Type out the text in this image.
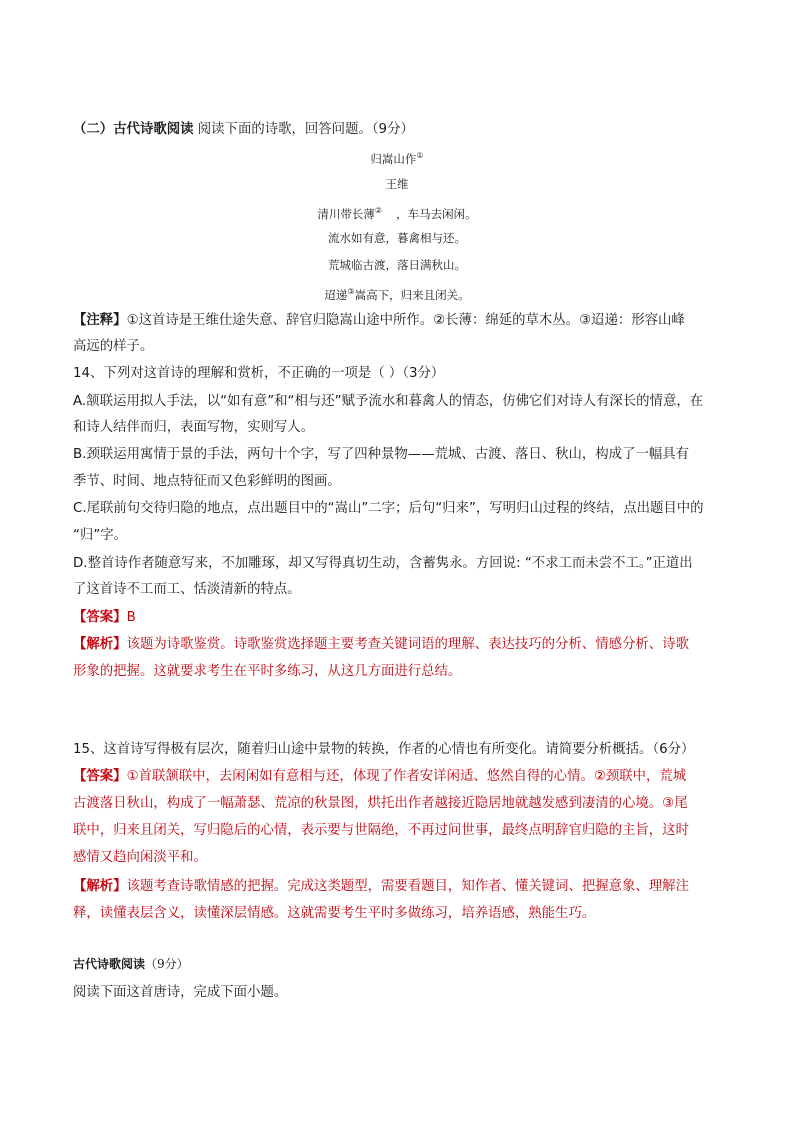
（二）古代诗歌阅读 阅读下面的诗歌，回答问题。（9分）
归嵩山作①
王维
清川带长薄② ，车马去闲闲。
流水如有意，暮禽相与还。
荒城临古渡，落日满秋山。
迢递③嵩高下，归来且闭关。
【注释】①这首诗是王维仕途失意、辞官归隐嵩山途中所作。②长薄：绵延的草木丛。③迢递：形容山峰
高远的样子。
14、下列对这首诗的理解和赏析，不正确的一项是（ ）（3分）
A.颔联运用拟人手法，以“如有意”和“相与还”赋予流水和暮禽人的情态，仿佛它们对诗人有深长的情意，在
和诗人结伴而归，表面写物，实则写人。
B.颈联运用寓情于景的手法，两句十个字，写了四种景物——荒城、古渡、落日、秋山，构成了一幅具有
季节、时间、地点特征而又色彩鲜明的图画。
C.尾联前句交待归隐的地点，点出题目中的“嵩山”二字；后句“归来”，写明归山过程的终结，点出题目中的
“归”字。
D.整首诗作者随意写来，不加雕琢，却又写得真切生动，含蓄隽永。方回说: “不求工而未尝不工。”正道出
了这首诗不工而工、恬淡清新的特点。
【答案】B
【解析】该题为诗歌鉴赏。诗歌鉴赏选择题主要考查关键词语的理解、表达技巧的分析、情感分析、诗歌
形象的把握。这就要求考生在平时多练习，从这几方面进行总结。
15、这首诗写得极有层次，随着归山途中景物的转换，作者的心情也有所变化。请简要分析概括。（6分）
【答案】①首联颔联中，去闲闲如有意相与还，体现了作者安详闲适、悠然自得的心情。②颈联中，荒城
古渡落日秋山，构成了一幅萧瑟、荒凉的秋景图，烘托出作者越接近隐居地就越发感到凄清的心境。③尾
联中，归来且闭关，写归隐后的心情，表示要与世隔绝，不再过问世事，最终点明辞官归隐的主旨，这时
感情又趋向闲淡平和。
【解析】该题考查诗歌情感的把握。完成这类题型，需要看题目，知作者、懂关键词、把握意象、理解注
释，读懂表层含义，读懂深层情感。这就需要考生平时多做练习，培养语感，熟能生巧。
古代诗歌阅读（9分）
阅读下面这首唐诗，完成下面小题。
